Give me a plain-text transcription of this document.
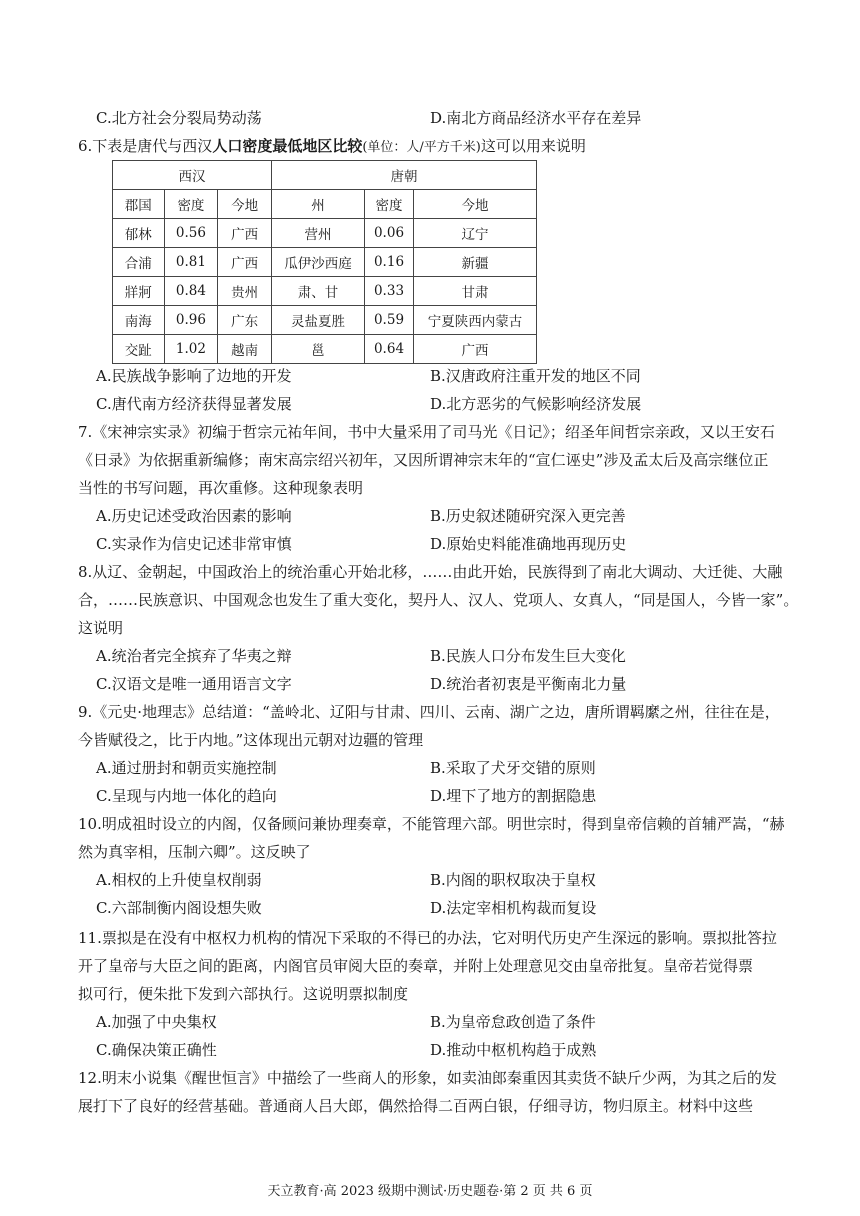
C.北方社会分裂局势动荡	D.南北方商品经济水平存在差异
6.下表是唐代与西汉人口密度最低地区比较(单位：人/平方千米)这可以用来说明
西汉			唐朝		
郡国	密度	今地	州	密度	今地
郁林	0.56	广西	营州	0.06	辽宁
合浦	0.81	广西	瓜伊沙西庭	0.16	新疆
牂牁	0.84	贵州	肃、甘	0.33	甘肃
南海	0.96	广东	灵盐夏胜	0.59	宁夏陕西内蒙古
交趾	1.02	越南	邕	0.64	广西
A.民族战争影响了边地的开发	B.汉唐政府注重开发的地区不同
C.唐代南方经济获得显著发展	D.北方恶劣的气候影响经济发展
7.《宋神宗实录》初编于哲宗元祐年间，书中大量采用了司马光《日记》；绍圣年间哲宗亲政，又以王安石
《日录》为依据重新编修；南宋高宗绍兴初年，又因所谓神宗末年的“宣仁诬史”涉及孟太后及高宗继位正
当性的书写问题，再次重修。这种现象表明
A.历史记述受政治因素的影响	B.历史叙述随研究深入更完善
C.实录作为信史记述非常审慎	D.原始史料能准确地再现历史
8.从辽、金朝起，中国政治上的统治重心开始北移，……由此开始，民族得到了南北大调动、大迁徙、大融
合，……民族意识、中国观念也发生了重大变化，契丹人、汉人、党项人、女真人，“同是国人，今皆一家”。
这说明
A.统治者完全摈弃了华夷之辩	B.民族人口分布发生巨大变化
C.汉语文是唯一通用语言文字	D.统治者初衷是平衡南北力量
9.《元史·地理志》总结道：“盖岭北、辽阳与甘肃、四川、云南、湖广之边，唐所谓羁縻之州，往往在是，
今皆赋役之，比于内地。”这体现出元朝对边疆的管理
A.通过册封和朝贡实施控制	B.采取了犬牙交错的原则
C.呈现与内地一体化的趋向	D.埋下了地方的割据隐患
10.明成祖时设立的内阁，仅备顾问兼协理奏章，不能管理六部。明世宗时，得到皇帝信赖的首辅严嵩，“赫
然为真宰相，压制六卿”。这反映了
A.相权的上升使皇权削弱	B.内阁的职权取决于皇权
C.六部制衡内阁设想失败	D.法定宰相机构裁而复设
11.票拟是在没有中枢权力机构的情况下采取的不得已的办法，它对明代历史产生深远的影响。票拟批答拉
开了皇帝与大臣之间的距离，内阁官员审阅大臣的奏章，并附上处理意见交由皇帝批复。皇帝若觉得票
拟可行，便朱批下发到六部执行。这说明票拟制度
A.加强了中央集权	B.为皇帝怠政创造了条件
C.确保决策正确性	D.推动中枢机构趋于成熟
12.明末小说集《醒世恒言》中描绘了一些商人的形象，如卖油郎秦重因其卖货不缺斤少两，为其之后的发
展打下了良好的经营基础。普通商人吕大郎，偶然拾得二百两白银，仔细寻访，物归原主。材料中这些
天立教育·高 2023 级期中测试·历史题卷·第 2 页 共 6 页
